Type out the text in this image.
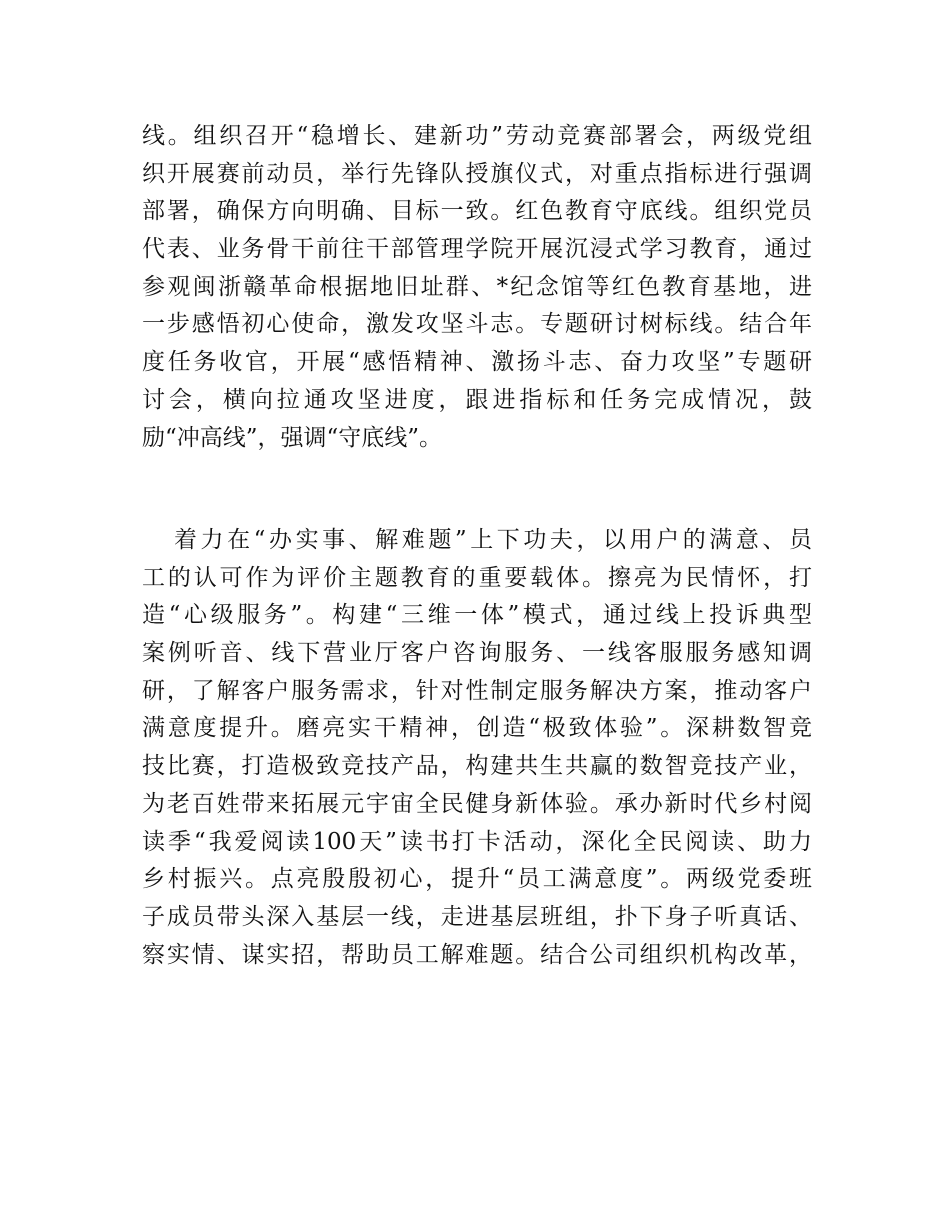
线。组织召开“稳增长、建新功”劳动竞赛部署会，两级党组
织开展赛前动员，举行先锋队授旗仪式，对重点指标进行强调
部署，确保方向明确、目标一致。红色教育守底线。组织党员
代表、业务骨干前往干部管理学院开展沉浸式学习教育，通过
参观闽浙赣革命根据地旧址群、*纪念馆等红色教育基地，进
一步感悟初心使命，激发攻坚斗志。专题研讨树标线。结合年
度任务收官，开展“感悟精神、激扬斗志、奋力攻坚”专题研
讨会，横向拉通攻坚进度，跟进指标和任务完成情况，鼓
励“冲高线”，强调“守底线”。
着力在“办实事、解难题”上下功夫，以用户的满意、员
工的认可作为评价主题教育的重要载体。擦亮为民情怀，打
造“心级服务”。构建“三维一体”模式，通过线上投诉典型
案例听音、线下营业厅客户咨询服务、一线客服服务感知调
研，了解客户服务需求，针对性制定服务解决方案，推动客户
满意度提升。磨亮实干精神，创造“极致体验”。深耕数智竞
技比赛，打造极致竞技产品，构建共生共赢的数智竞技产业，
为老百姓带来拓展元宇宙全民健身新体验。承办新时代乡村阅
读季“我爱阅读100天”读书打卡活动，深化全民阅读、助力
乡村振兴。点亮殷殷初心，提升“员工满意度”。两级党委班
子成员带头深入基层一线，走进基层班组，扑下身子听真话、
察实情、谋实招，帮助员工解难题。结合公司组织机构改革，
